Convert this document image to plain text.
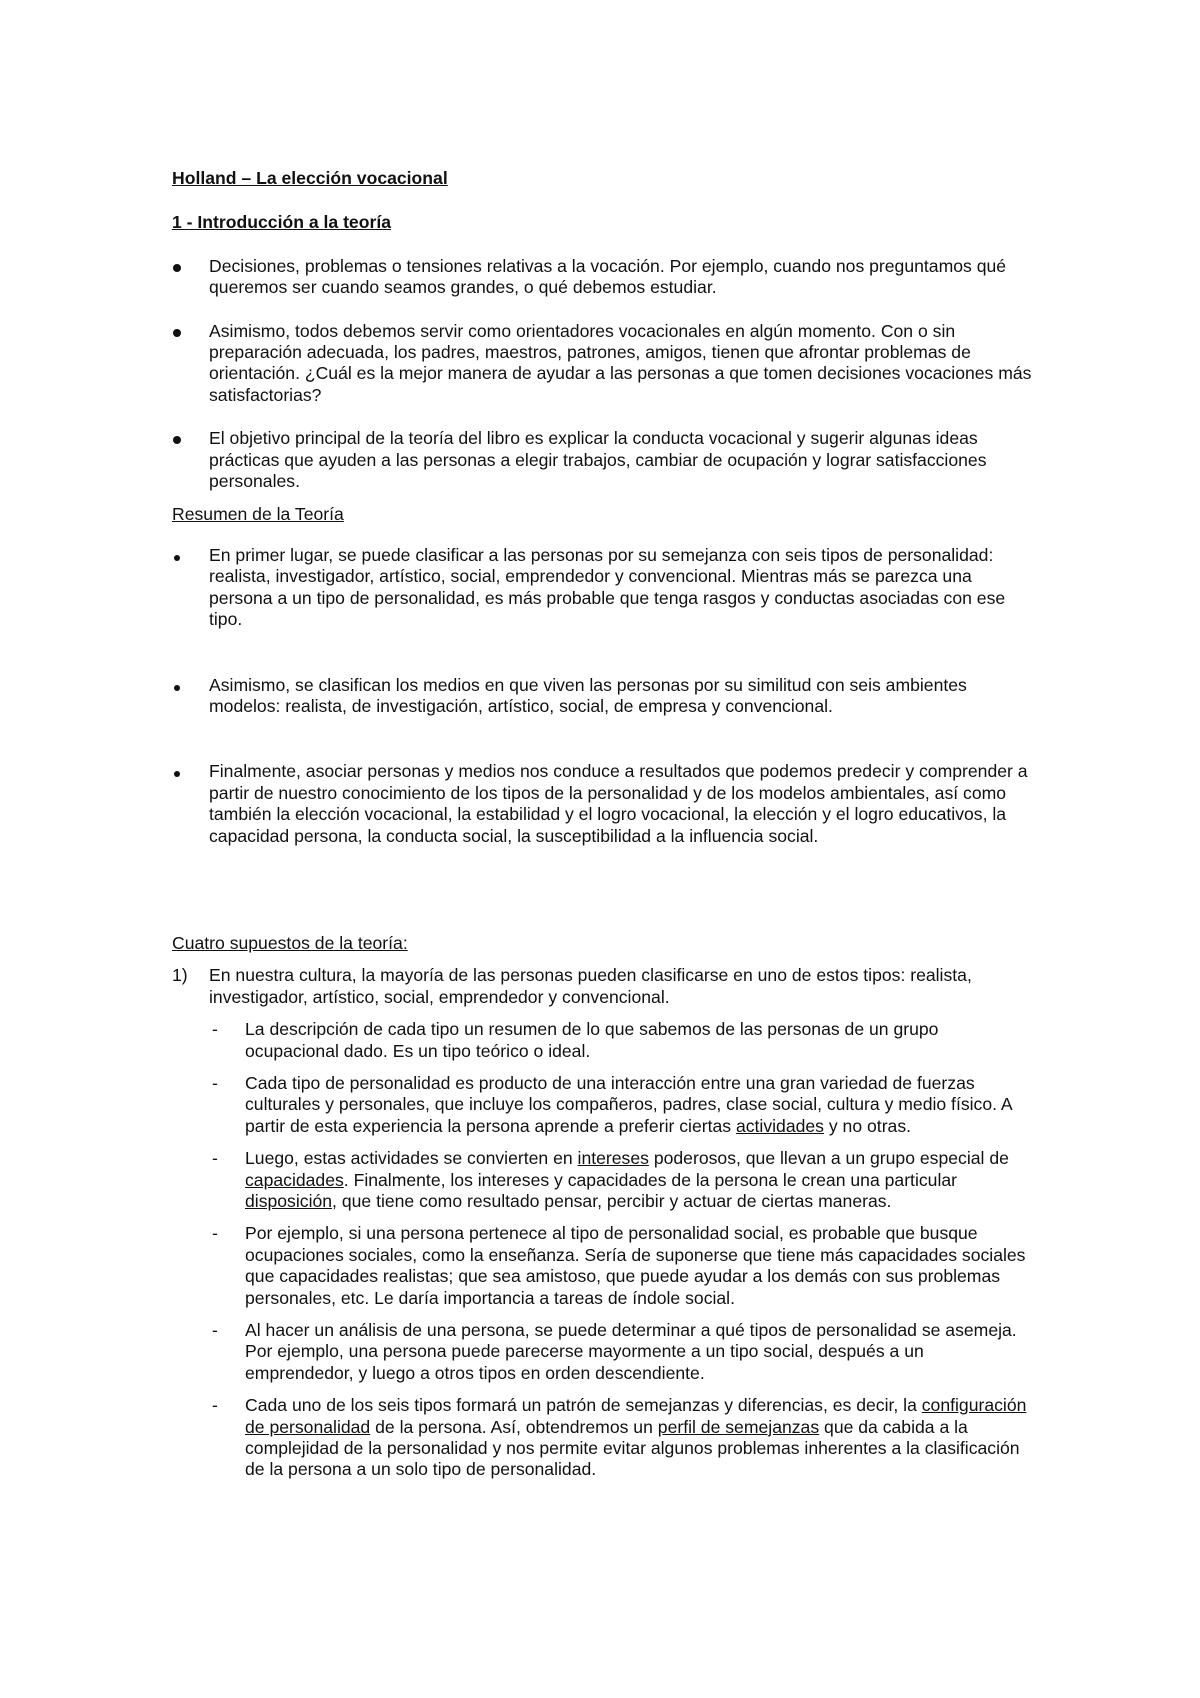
Holland – La elección vocacional
1 - Introducción a la teoría
Decisiones, problemas o tensiones relativas a la vocación. Por ejemplo, cuando nos preguntamos qué queremos ser cuando seamos grandes, o qué debemos estudiar.
Asimismo, todos debemos servir como orientadores vocacionales en algún momento. Con o sin preparación adecuada, los padres, maestros, patrones, amigos, tienen que afrontar problemas de orientación. ¿Cuál es la mejor manera de ayudar a las personas a que tomen decisiones vocaciones más satisfactorias?
El objetivo principal de la teoría del libro es explicar la conducta vocacional y sugerir algunas ideas prácticas que ayuden a las personas a elegir trabajos, cambiar de ocupación y lograr satisfacciones personales.
Resumen de la Teoría
En primer lugar, se puede clasificar a las personas por su semejanza con seis tipos de personalidad: realista, investigador, artístico, social, emprendedor y convencional. Mientras más se parezca una persona a un tipo de personalidad, es más probable que tenga rasgos y conductas asociadas con ese tipo.
Asimismo, se clasifican los medios en que viven las personas por su similitud con seis ambientes modelos: realista, de investigación, artístico, social, de empresa y convencional.
Finalmente, asociar personas y medios nos conduce a resultados que podemos predecir y comprender a partir de nuestro conocimiento de los tipos de la personalidad y de los modelos ambientales, así como también la elección vocacional, la estabilidad y el logro vocacional, la elección y el logro educativos, la capacidad persona, la conducta social, la susceptibilidad a la influencia social.
Cuatro supuestos de la teoría:
1)	En nuestra cultura, la mayoría de las personas pueden clasificarse en uno de estos tipos: realista, investigador, artístico, social, emprendedor y convencional.
-	La descripción de cada tipo un resumen de lo que sabemos de las personas de un grupo ocupacional dado. Es un tipo teórico o ideal.
-	Cada tipo de personalidad es producto de una interacción entre una gran variedad de fuerzas culturales y personales, que incluye los compañeros, padres, clase social, cultura y medio físico. A partir de esta experiencia la persona aprende a preferir ciertas actividades y no otras.
-	Luego, estas actividades se convierten en intereses poderosos, que llevan a un grupo especial de capacidades. Finalmente, los intereses y capacidades de la persona le crean una particular disposición, que tiene como resultado pensar, percibir y actuar de ciertas maneras.
-	Por ejemplo, si una persona pertenece al tipo de personalidad social, es probable que busque ocupaciones sociales, como la enseñanza. Sería de suponerse que tiene más capacidades sociales que capacidades realistas; que sea amistoso, que puede ayudar a los demás con sus problemas personales, etc. Le daría importancia a tareas de índole social.
-	Al hacer un análisis de una persona, se puede determinar a qué tipos de personalidad se asemeja. Por ejemplo, una persona puede parecerse mayormente a un tipo social, después a un emprendedor, y luego a otros tipos en orden descendiente.
-	Cada uno de los seis tipos formará un patrón de semejanzas y diferencias, es decir, la configuración de personalidad de la persona. Así, obtendremos un perfil de semejanzas que da cabida a la complejidad de la personalidad y nos permite evitar algunos problemas inherentes a la clasificación de la persona a un solo tipo de personalidad.
